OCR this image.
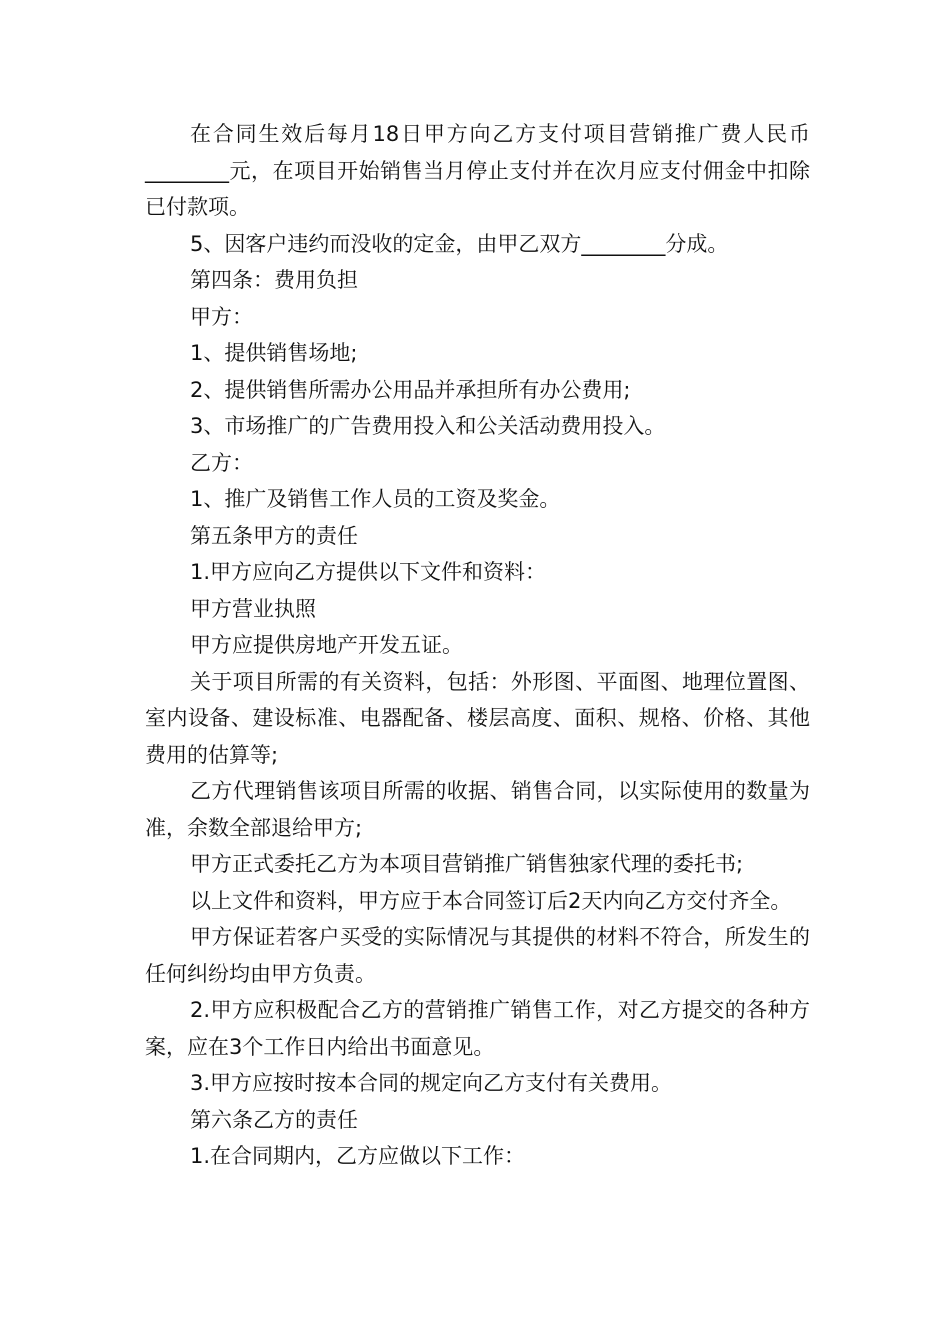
在合同生效后每月18日甲方向乙方支付项目营销推广费人民币________元，在项目开始销售当月停止支付并在次月应支付佣金中扣除已付款项。

5、因客户违约而没收的定金，由甲乙双方________分成。

第四条：费用负担

甲方：

1、提供销售场地;

2、提供销售所需办公用品并承担所有办公费用;

3、市场推广的广告费用投入和公关活动费用投入。

乙方：

1、推广及销售工作人员的工资及奖金。

第五条甲方的责任

1.甲方应向乙方提供以下文件和资料：

甲方营业执照

甲方应提供房地产开发五证。

关于项目所需的有关资料，包括：外形图、平面图、地理位置图、室内设备、建设标准、电器配备、楼层高度、面积、规格、价格、其他费用的估算等;

乙方代理销售该项目所需的收据、销售合同，以实际使用的数量为准，余数全部退给甲方;

甲方正式委托乙方为本项目营销推广销售独家代理的委托书;

以上文件和资料，甲方应于本合同签订后2天内向乙方交付齐全。

甲方保证若客户买受的实际情况与其提供的材料不符合，所发生的任何纠纷均由甲方负责。

2.甲方应积极配合乙方的营销推广销售工作，对乙方提交的各种方案，应在3个工作日内给出书面意见。

3.甲方应按时按本合同的规定向乙方支付有关费用。

第六条乙方的责任

1.在合同期内，乙方应做以下工作：
